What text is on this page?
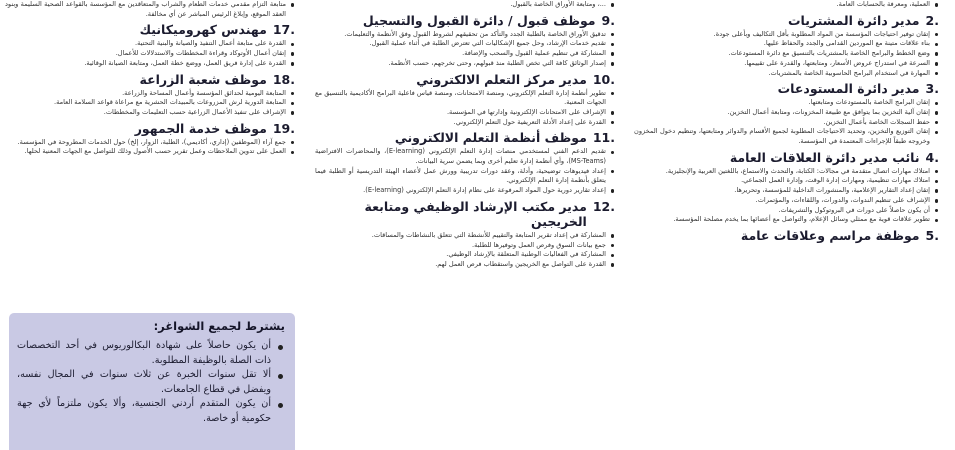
العملية، ومعرفة بالحسابات العامة.
2.
مدير دائرة المشتريات
إتقان توفير احتياجات المؤسسة من المواد المطلوبة بأقل التكاليف وبأعلى جودة.
بناء علاقات متينة مع الموردين القدامى والجدد والحفاظ عليها.
وضع الخطط والبرامج الخاصة بالمشتريات بالتنسيق مع دائرة المستودعات.
السرعة في استدراج عروض الأسعار، ومتابعتها، والقدرة على تقييمها.
المهارة في استخدام البرامج الحاسوبية الخاصة بالمشتريات.
3.
مدير دائرة المستودعات
إتقان البرامج الخاصة بالمستودعات ومتابعتها.
إتقان آلية التخزين بما يتوافق مع طبيعة المخزونات، ومتابعة أعمال التخزين.
حفظ السجلات الخاصة بأعمال التخزين.
إتقان التوزيع والتخزين، وتحديد الاحتياجات المطلوبة لجميع الأقسام والدوائر ومتابعتها، وتنظيم دخول المخزون وخروجه طبقاً للإجراءات المعتمدة في المؤسسة.
4.
نائب مدير دائرة العلاقات العامة
امتلاك مهارات اتصال متقدمة في مجالات: الكتابة، والتحدث والاستماع، باللغتين العربية والإنجليزية.
امتلاك مهارات تنظيمية، ومهارات إدارة الوقت، وإدارة العمل الجماعي.
إتقان إعداد التقارير الإعلامية، والمنشورات الداخلية للمؤسسة، وتحريرها.
الإشراف على تنظيم الندوات، والدورات، واللقاءات، والمؤتمرات.
أن يكون حاصلاً على دورات في البروتوكول والتشريفات.
تطوير علاقات قوية مع ممثلي وسائل الإعلام، والتواصل مع أعضائها بما يخدم مصلحة المؤسسة.
5.
موظفة مراسم وعلاقات عامة
...، ومتابعة الأوراق الخاصة بالقبول.
9.
موظف قبول / دائرة القبول والتسجيل
تدقيق الأوراق الخاصة بالطلبة الجدد والتأكد من تحقيقهم لشروط القبول وفق الأنظمة والتعليمات.
تقديم خدمات الإرشاد، وحل جميع الإشكاليات التي تعترض الطلبة في أثناء عملية القبول.
المشاركة في تنظيم عملية القبول والسحب والإضافة.
إصدار الوثائق كافة التي تخص الطلبة منذ قبولهم، وحتى تخرجهم، حسب الأنظمة.
10.
مدير مركز التعلم الالكتروني
تطوير أنظمة إدارة التعلم الإلكتروني، ومنصة الامتحانات، ومنصة قياس فاعلية البرامج الأكاديمية بالتنسيق مع الجهات المعنية.
الإشراف على الامتحانات الإلكترونية وإدارتها في المؤسسة.
القدرة على إعداد الأدلة التعريفية حول التعلم الإلكتروني.
11.
موظف أنظمة التعلم الالكتروني
تقديم الدعم الفني لمستخدمي منصات إدارة التعلم الإلكتروني (E-learning)، والمحاضرات الافتراضية (MS-Teams)، وأي أنظمة إدارة تعليم أخرى وبما يضمن سرية البيانات.
إعداد فيديوهات توضيحية، وأدلة، وعقد دورات تدريبية وورش عمل لأعضاء الهيئة التدريسية أو الطلبة فيما يتعلق بأنظمة إدارة التعلم الإلكتروني.
إعداد تقارير دورية حول المواد المرفوعة على نظام إدارة التعلم الإلكتروني (E-learning).
12.
مدير مكتب الإرشاد الوظيفي ومتابعة الخريجين
المشاركة في إعداد تقرير المتابعة والتقييم للأنشطة التي تتعلق بالنشاطات والمساقات.
جمع بيانات السوق وفرص العمل وتوفيرها للطلبة.
المشاركة في الفعاليات الوطنية المتعلقة بالإرشاد الوظيفي.
القدرة على التواصل مع الخريجين واستقطاب فرص العمل لهم.
متابعة التزام مقدمي خدمات الطعام والشراب والمتعاقدين مع المؤسسة بالقواعد الصحية السليمة وبنود العقد الموقع، وإبلاغ الرئيس المباشر عن أي مخالفة.
17.
مهندس كهروميكانيك
القدرة على متابعة أعمال التنفيذ والصيانة والبنية التحتية.
إتقان أعمال الأوتوكاد وقراءة المخططات والاستدلالات للأعمال.
القدرة على إدارة فريق العمل، ووضع خطة العمل، ومتابعة الصيانة الوقائية.
18.
موظف شعبة الزراعة
المتابعة اليومية لحدائق المؤسسة وأعمال المساحة والزراعة.
المتابعة الدورية لرش المزروعات بالمبيدات الحشرية مع مراعاة قواعد السلامة العامة.
الإشراف على تنفيذ الأعمال الزراعية حسب التعليمات والمخططات.
19.
موظف خدمة الجمهور
جمع آراء (الموظفين (إداري، أكاديمي)، الطلبة، الزوار، إلخ) حول الخدمات المطروحة في المؤسسة.
العمل على تدوين الملاحظات وعمل تقرير حسب الأصول وذلك للتواصل مع الجهات المعنية لحلها.
يشترط لجميع الشواغر:
أن يكون حاصلاً على شهادة البكالوريوس في أحد التخصصات ذات الصلة بالوظيفة المطلوبة.
ألا تقل سنوات الخبرة عن ثلاث سنوات في المجال نفسه، ويفضل في قطاع الجامعات.
أن يكون المتقدم أردني الجنسية، وألا يكون ملتزماً لأي جهة حكومية أو خاصة.
